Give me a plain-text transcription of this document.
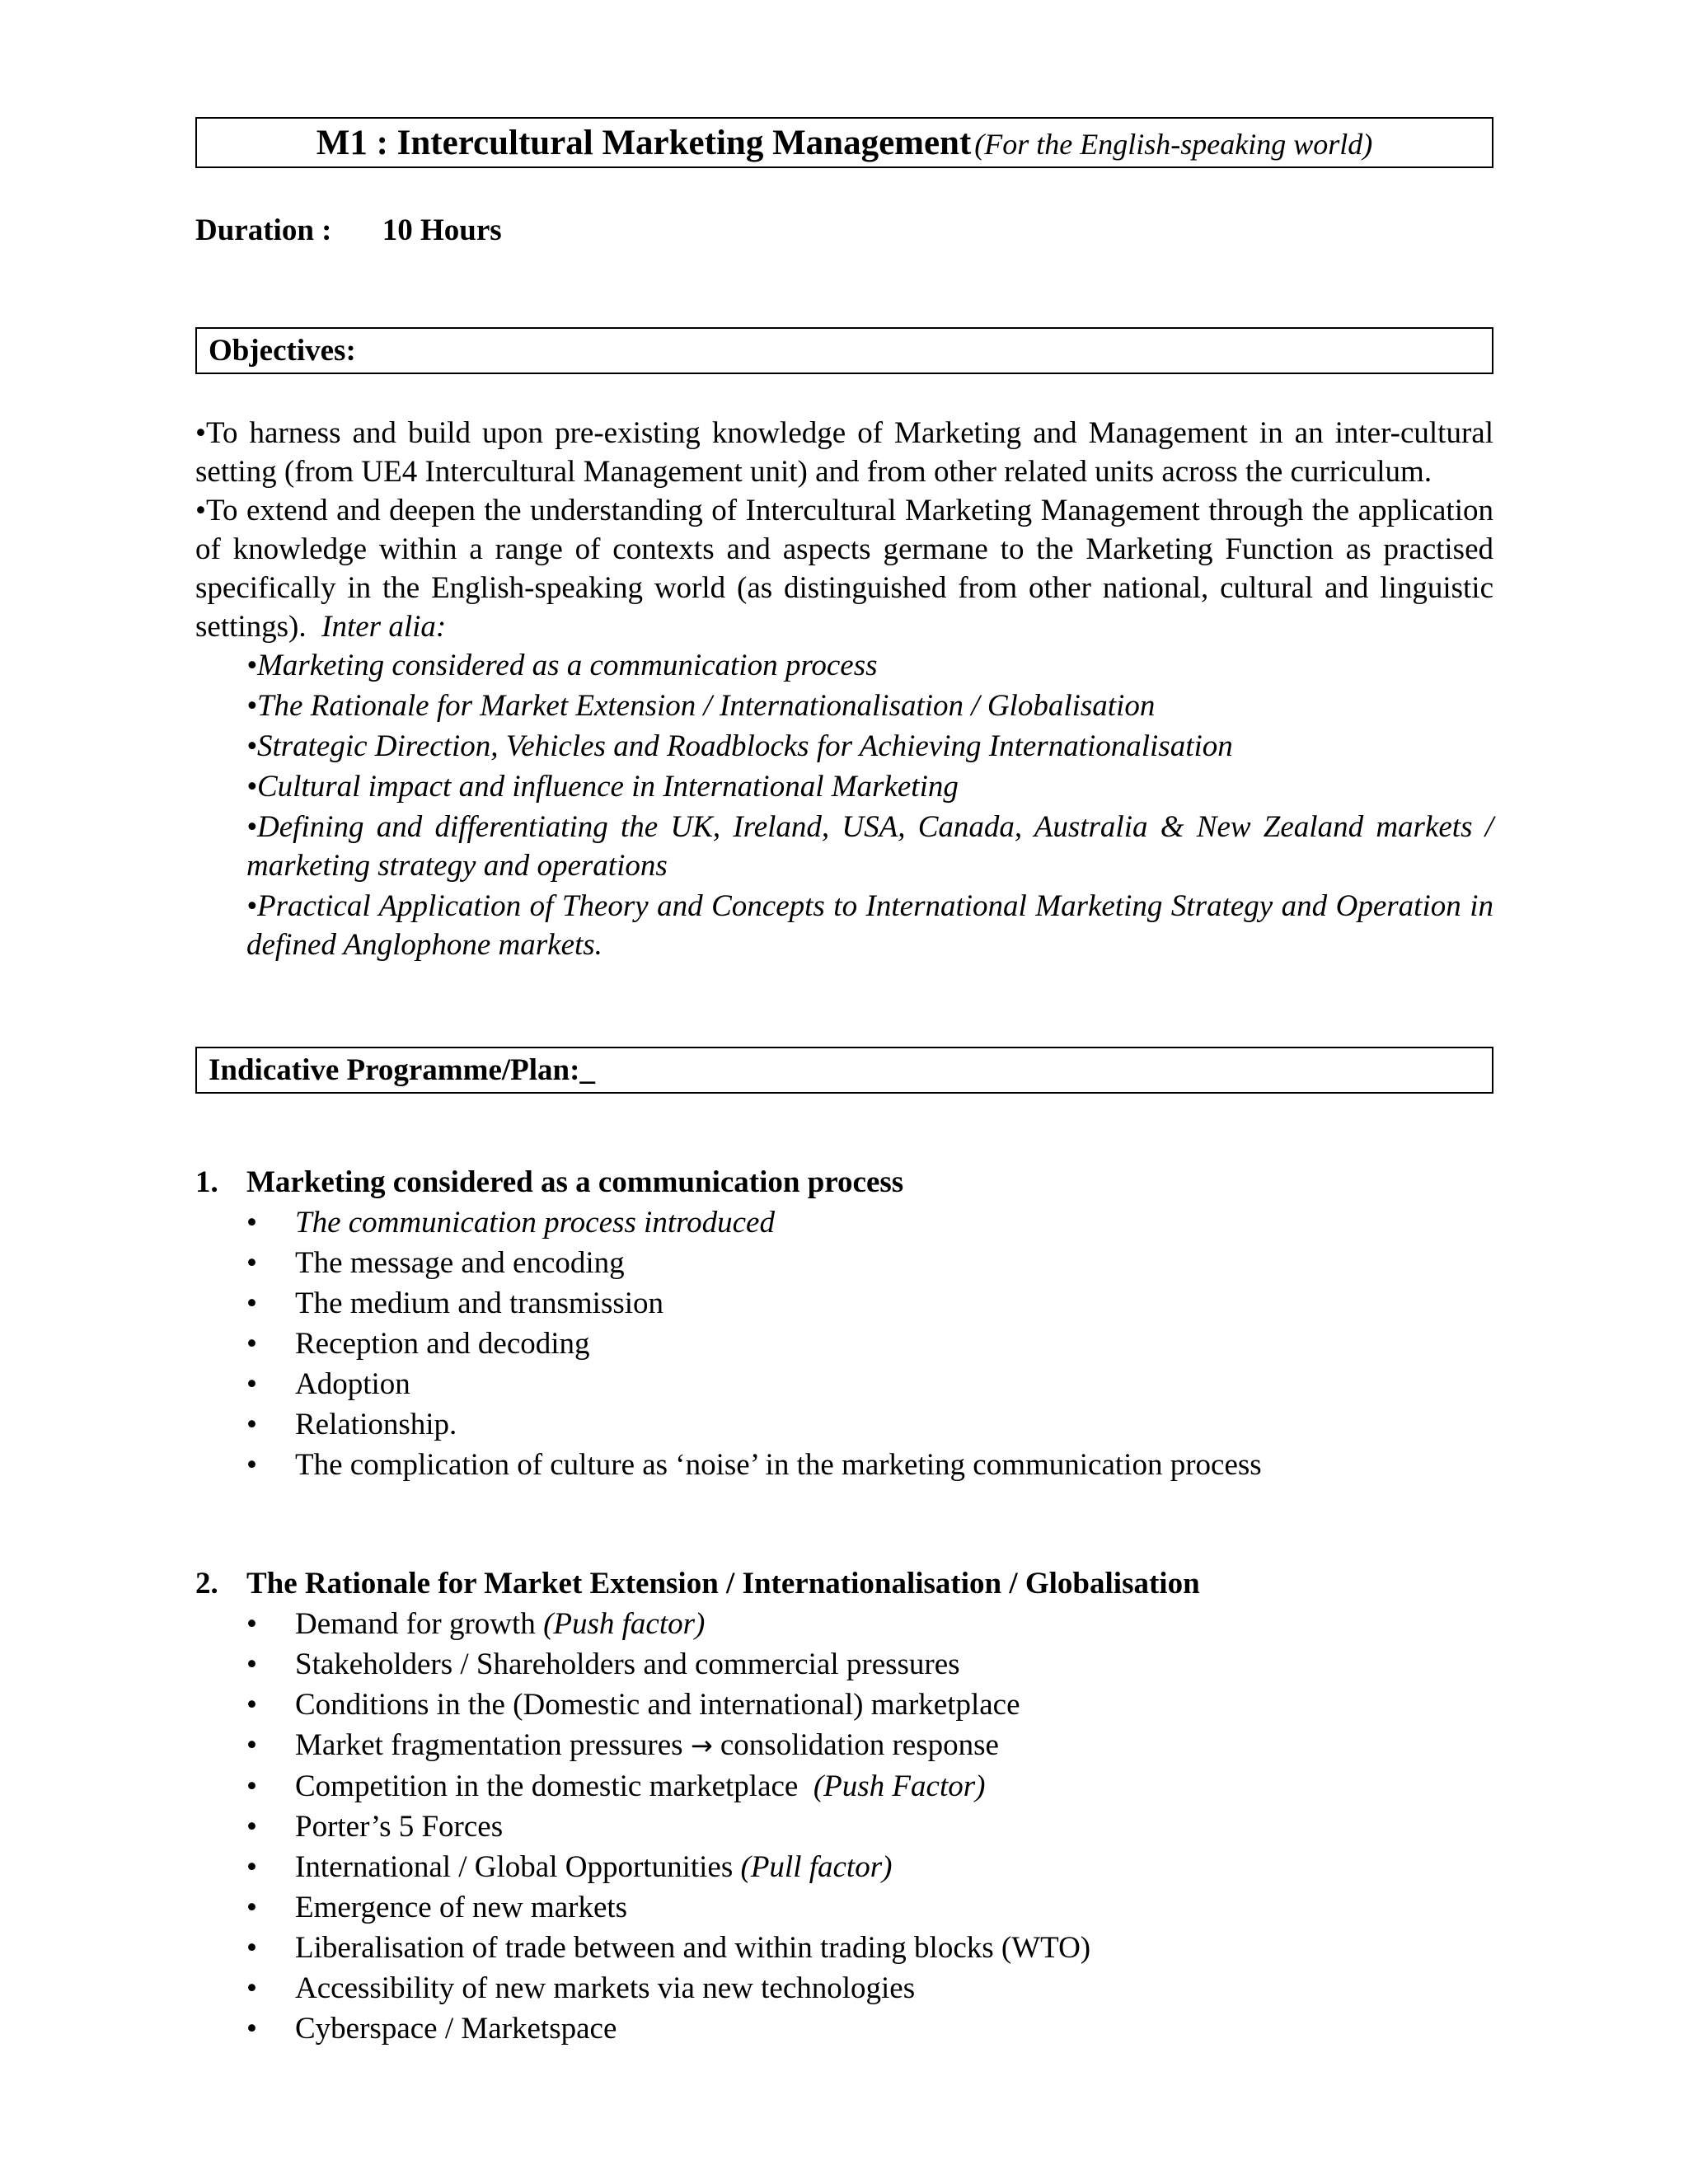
M1 : Intercultural Marketing Management (For the English-speaking world)
Duration : 10 Hours
Objectives:
•To harness and build upon pre-existing knowledge of Marketing and Management in an inter-cultural setting (from UE4 Intercultural Management unit) and from other related units across the curriculum.
•To extend and deepen the understanding of Intercultural Marketing Management through the application of knowledge within a range of contexts and aspects germane to the Marketing Function as practised specifically in the English-speaking world (as distinguished from other national, cultural and linguistic settings). Inter alia:
•Marketing considered as a communication process
•The Rationale for Market Extension / Internationalisation / Globalisation
•Strategic Direction, Vehicles and Roadblocks for Achieving Internationalisation
•Cultural impact and influence in International Marketing
•Defining and differentiating the UK, Ireland, USA, Canada, Australia & New Zealand markets / marketing strategy and operations
•Practical Application of Theory and Concepts to International Marketing Strategy and Operation in defined Anglophone markets.
Indicative Programme/Plan:_
1. Marketing considered as a communication process
• The communication process introduced
• The message and encoding
• The medium and transmission
• Reception and decoding
• Adoption
• Relationship.
• The complication of culture as ‘noise’ in the marketing communication process
2. The Rationale for Market Extension / Internationalisation / Globalisation
• Demand for growth (Push factor)
• Stakeholders / Shareholders and commercial pressures
• Conditions in the (Domestic and international) marketplace
• Market fragmentation pressures → consolidation response
• Competition in the domestic marketplace (Push Factor)
• Porter’s 5 Forces
• International / Global Opportunities (Pull factor)
• Emergence of new markets
• Liberalisation of trade between and within trading blocks (WTO)
• Accessibility of new markets via new technologies
• Cyberspace / Marketspace
